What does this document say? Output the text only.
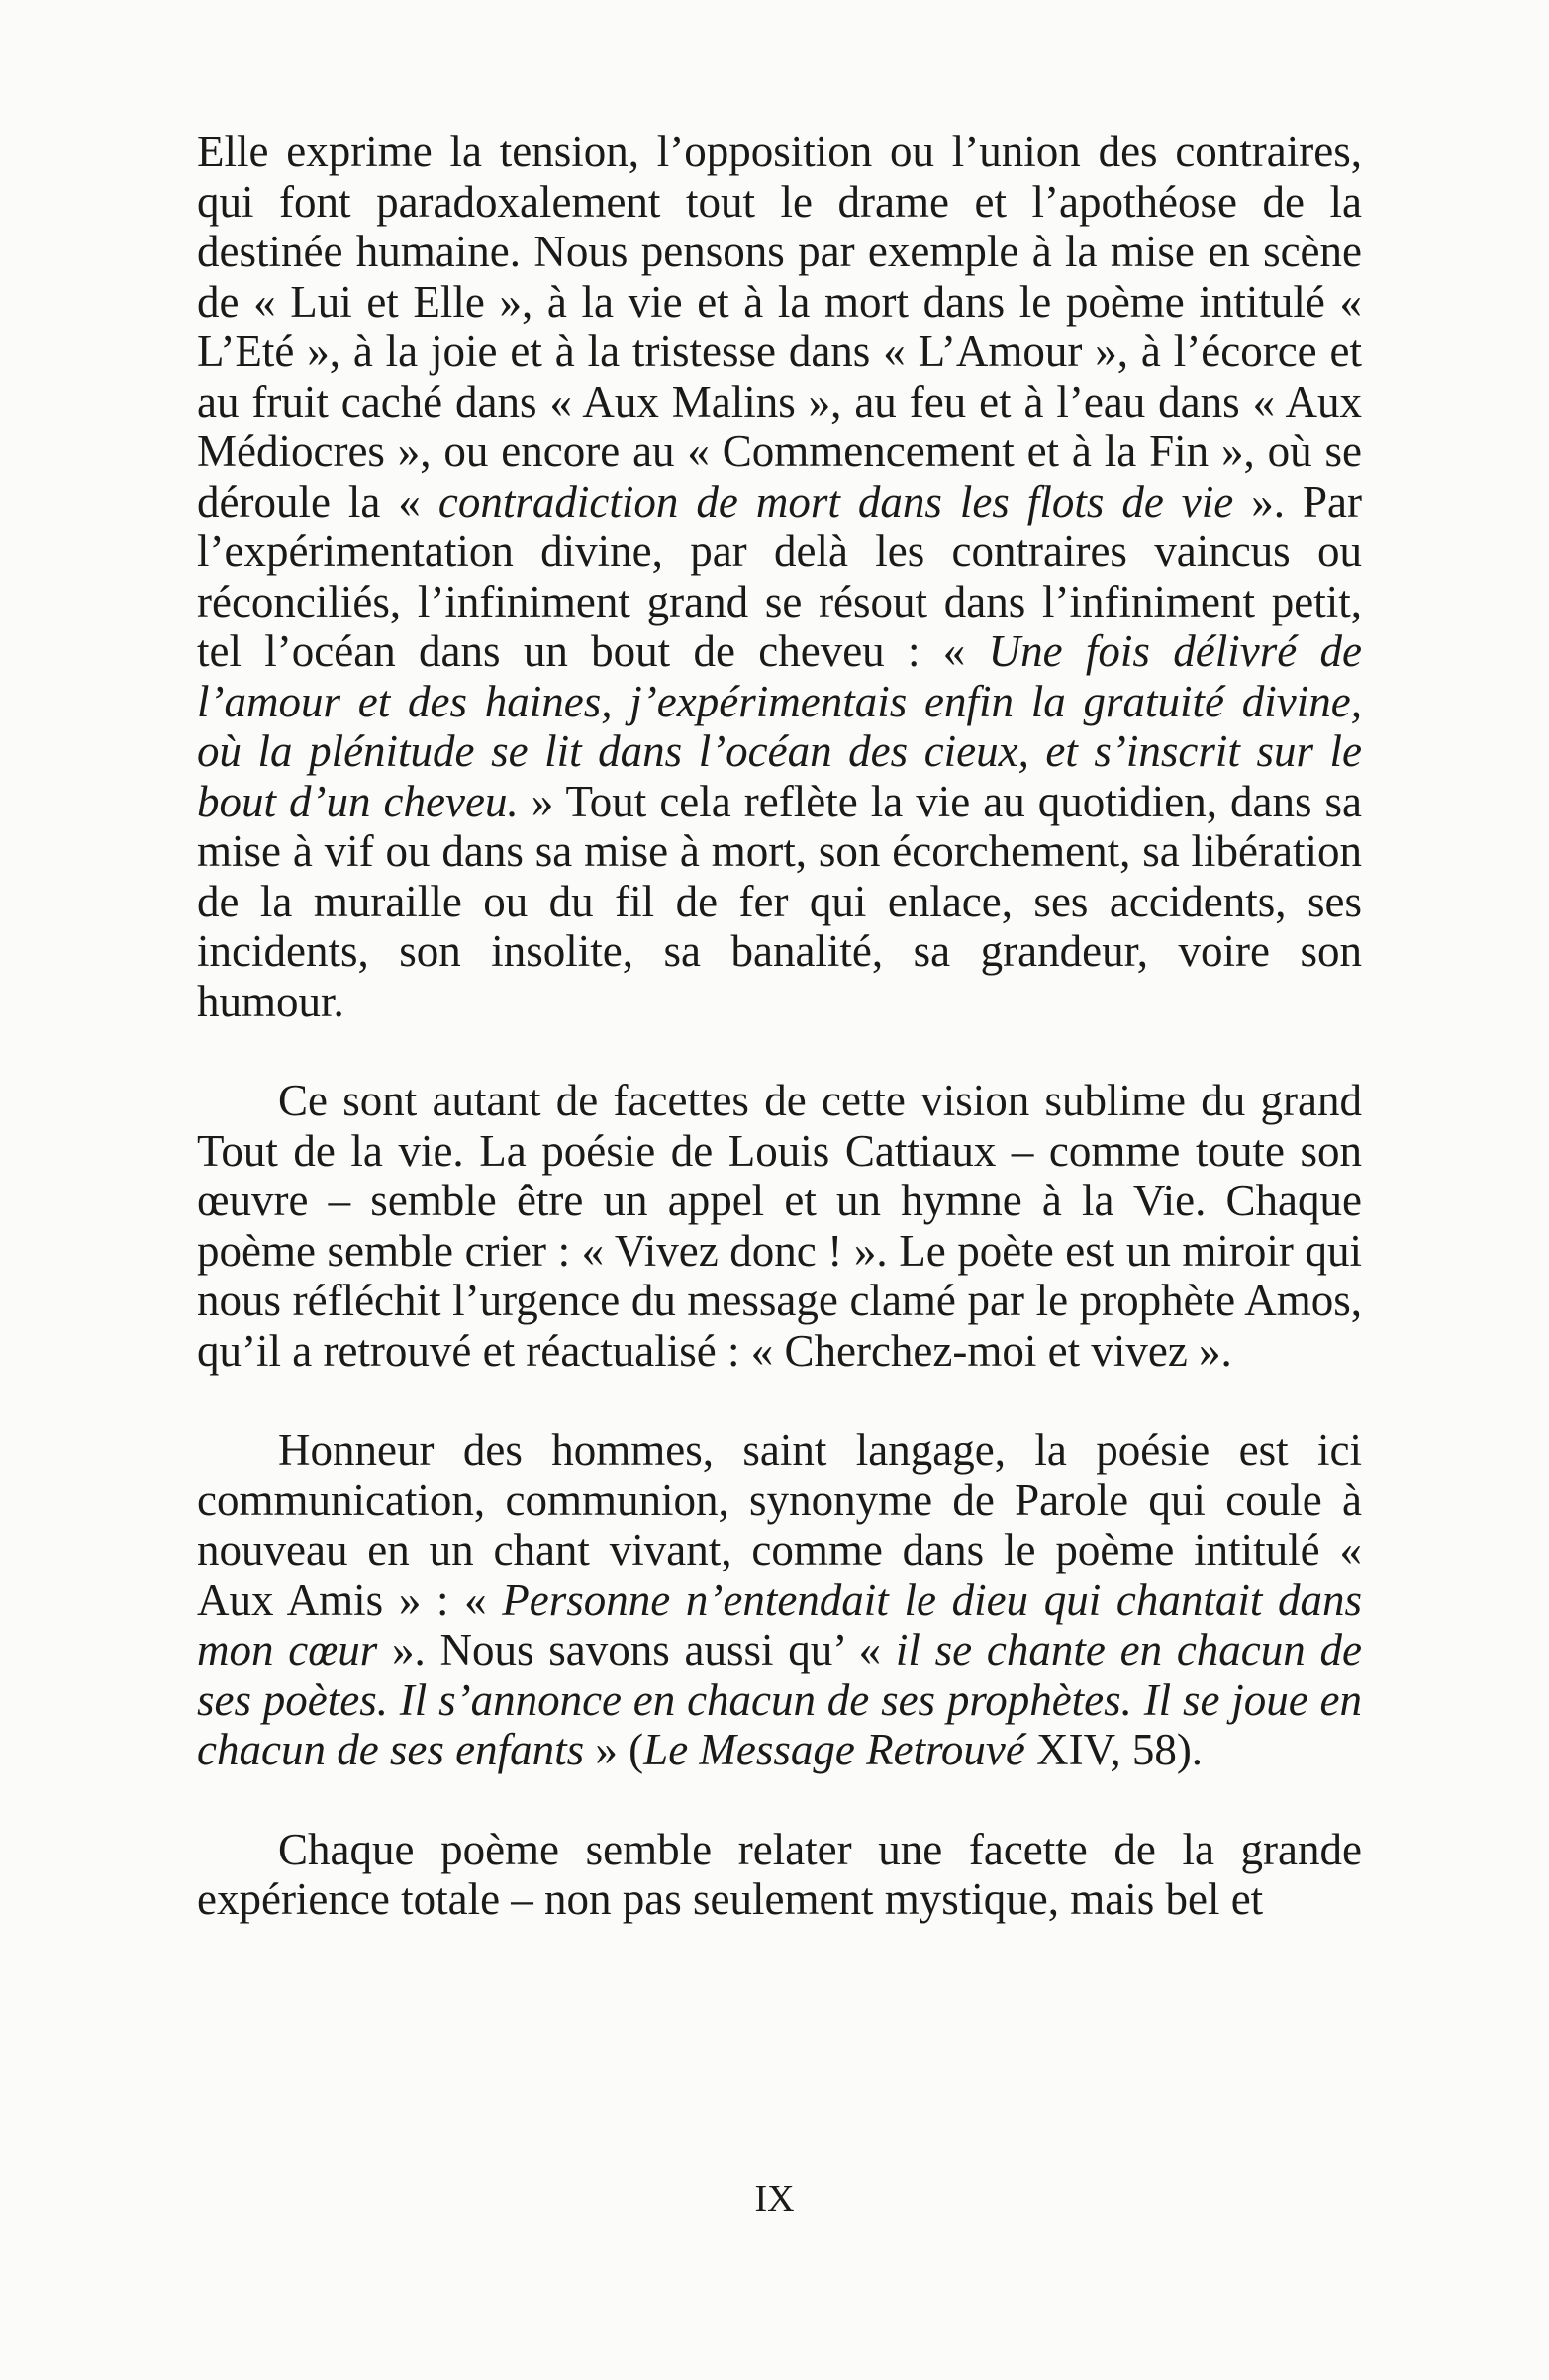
Elle exprime la tension, l’opposition ou l’union des contraires, qui font paradoxalement tout le drame et l’apothéose de la destinée humaine. Nous pensons par exemple à la mise en scène de « Lui et Elle », à la vie et à la mort dans le poème intitulé « L’Eté », à la joie et à la tristesse dans « L’Amour », à l’écorce et au fruit caché dans « Aux Malins », au feu et à l’eau dans « Aux Médiocres », ou encore au « Commencement et à la Fin », où se déroule la « contradiction de mort dans les flots de vie ». Par l’expérimentation divine, par delà les contraires vaincus ou réconciliés, l’infiniment grand se résout dans l’infiniment petit, tel l’océan dans un bout de cheveu : « Une fois délivré de l’amour et des haines, j’expérimentais enfin la gratuité divine, où la plénitude se lit dans l’océan des cieux, et s’inscrit sur le bout d’un cheveu. » Tout cela reflète la vie au quotidien, dans sa mise à vif ou dans sa mise à mort, son écorchement, sa libération de la muraille ou du fil de fer qui enlace, ses accidents, ses incidents, son insolite, sa banalité, sa grandeur, voire son humour.

Ce sont autant de facettes de cette vision sublime du grand Tout de la vie. La poésie de Louis Cattiaux – comme toute son œuvre – semble être un appel et un hymne à la Vie. Chaque poème semble crier : « Vivez donc ! ». Le poète est un miroir qui nous réfléchit l’urgence du message clamé par le prophète Amos, qu’il a retrouvé et réactualisé : « Cherchez-moi et vivez ».

Honneur des hommes, saint langage, la poésie est ici communication, communion, synonyme de Parole qui coule à nouveau en un chant vivant, comme dans le poème intitulé « Aux Amis » : « Personne n’entendait le dieu qui chantait dans mon cœur ». Nous savons aussi qu’ « il se chante en chacun de ses poètes. Il s’annonce en chacun de ses prophètes. Il se joue en chacun de ses enfants » (Le Message Retrouvé XIV, 58).

Chaque poème semble relater une facette de la grande expérience totale – non pas seulement mystique, mais bel et

IX
